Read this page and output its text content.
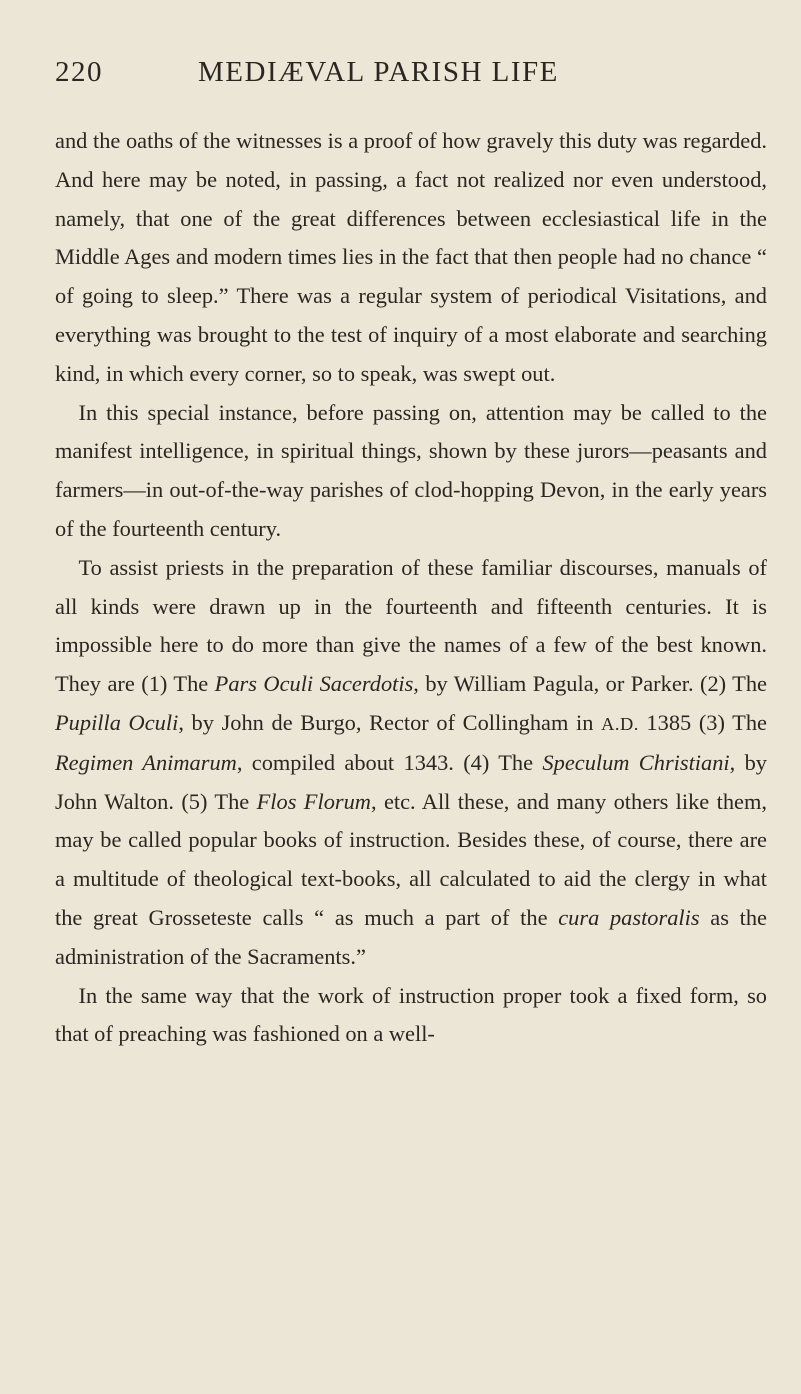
220	MEDIÆVAL PARISH LIFE

and the oaths of the witnesses is a proof of how gravely this duty was regarded. And here may be noted, in passing, a fact not realized nor even understood, namely, that one of the great differences between ecclesiastical life in the Middle Ages and modern times lies in the fact that then people had no chance “ of going to sleep.” There was a regular system of periodical Visitations, and everything was brought to the test of inquiry of a most elaborate and searching kind, in which every corner, so to speak, was swept out.

In this special instance, before passing on, attention may be called to the manifest intelligence, in spiritual things, shown by these jurors—peasants and farmers—in out-of-the-way parishes of clod-hopping Devon, in the early years of the fourteenth century.

To assist priests in the preparation of these familiar discourses, manuals of all kinds were drawn up in the fourteenth and fifteenth centuries. It is impossible here to do more than give the names of a few of the best known. They are (1) The Pars Oculi Sacerdotis, by William Pagula, or Parker. (2) The Pupilla Oculi, by John de Burgo, Rector of Collingham in A.D. 1385 (3) The Regimen Animarum, compiled about 1343. (4) The Speculum Christiani, by John Walton. (5) The Flos Florum, etc. All these, and many others like them, may be called popular books of instruction. Besides these, of course, there are a multitude of theological text-books, all calculated to aid the clergy in what the great Grosseteste calls “ as much a part of the cura pastoralis as the administration of the Sacraments.”

In the same way that the work of instruction proper took a fixed form, so that of preaching was fashioned on a well-
